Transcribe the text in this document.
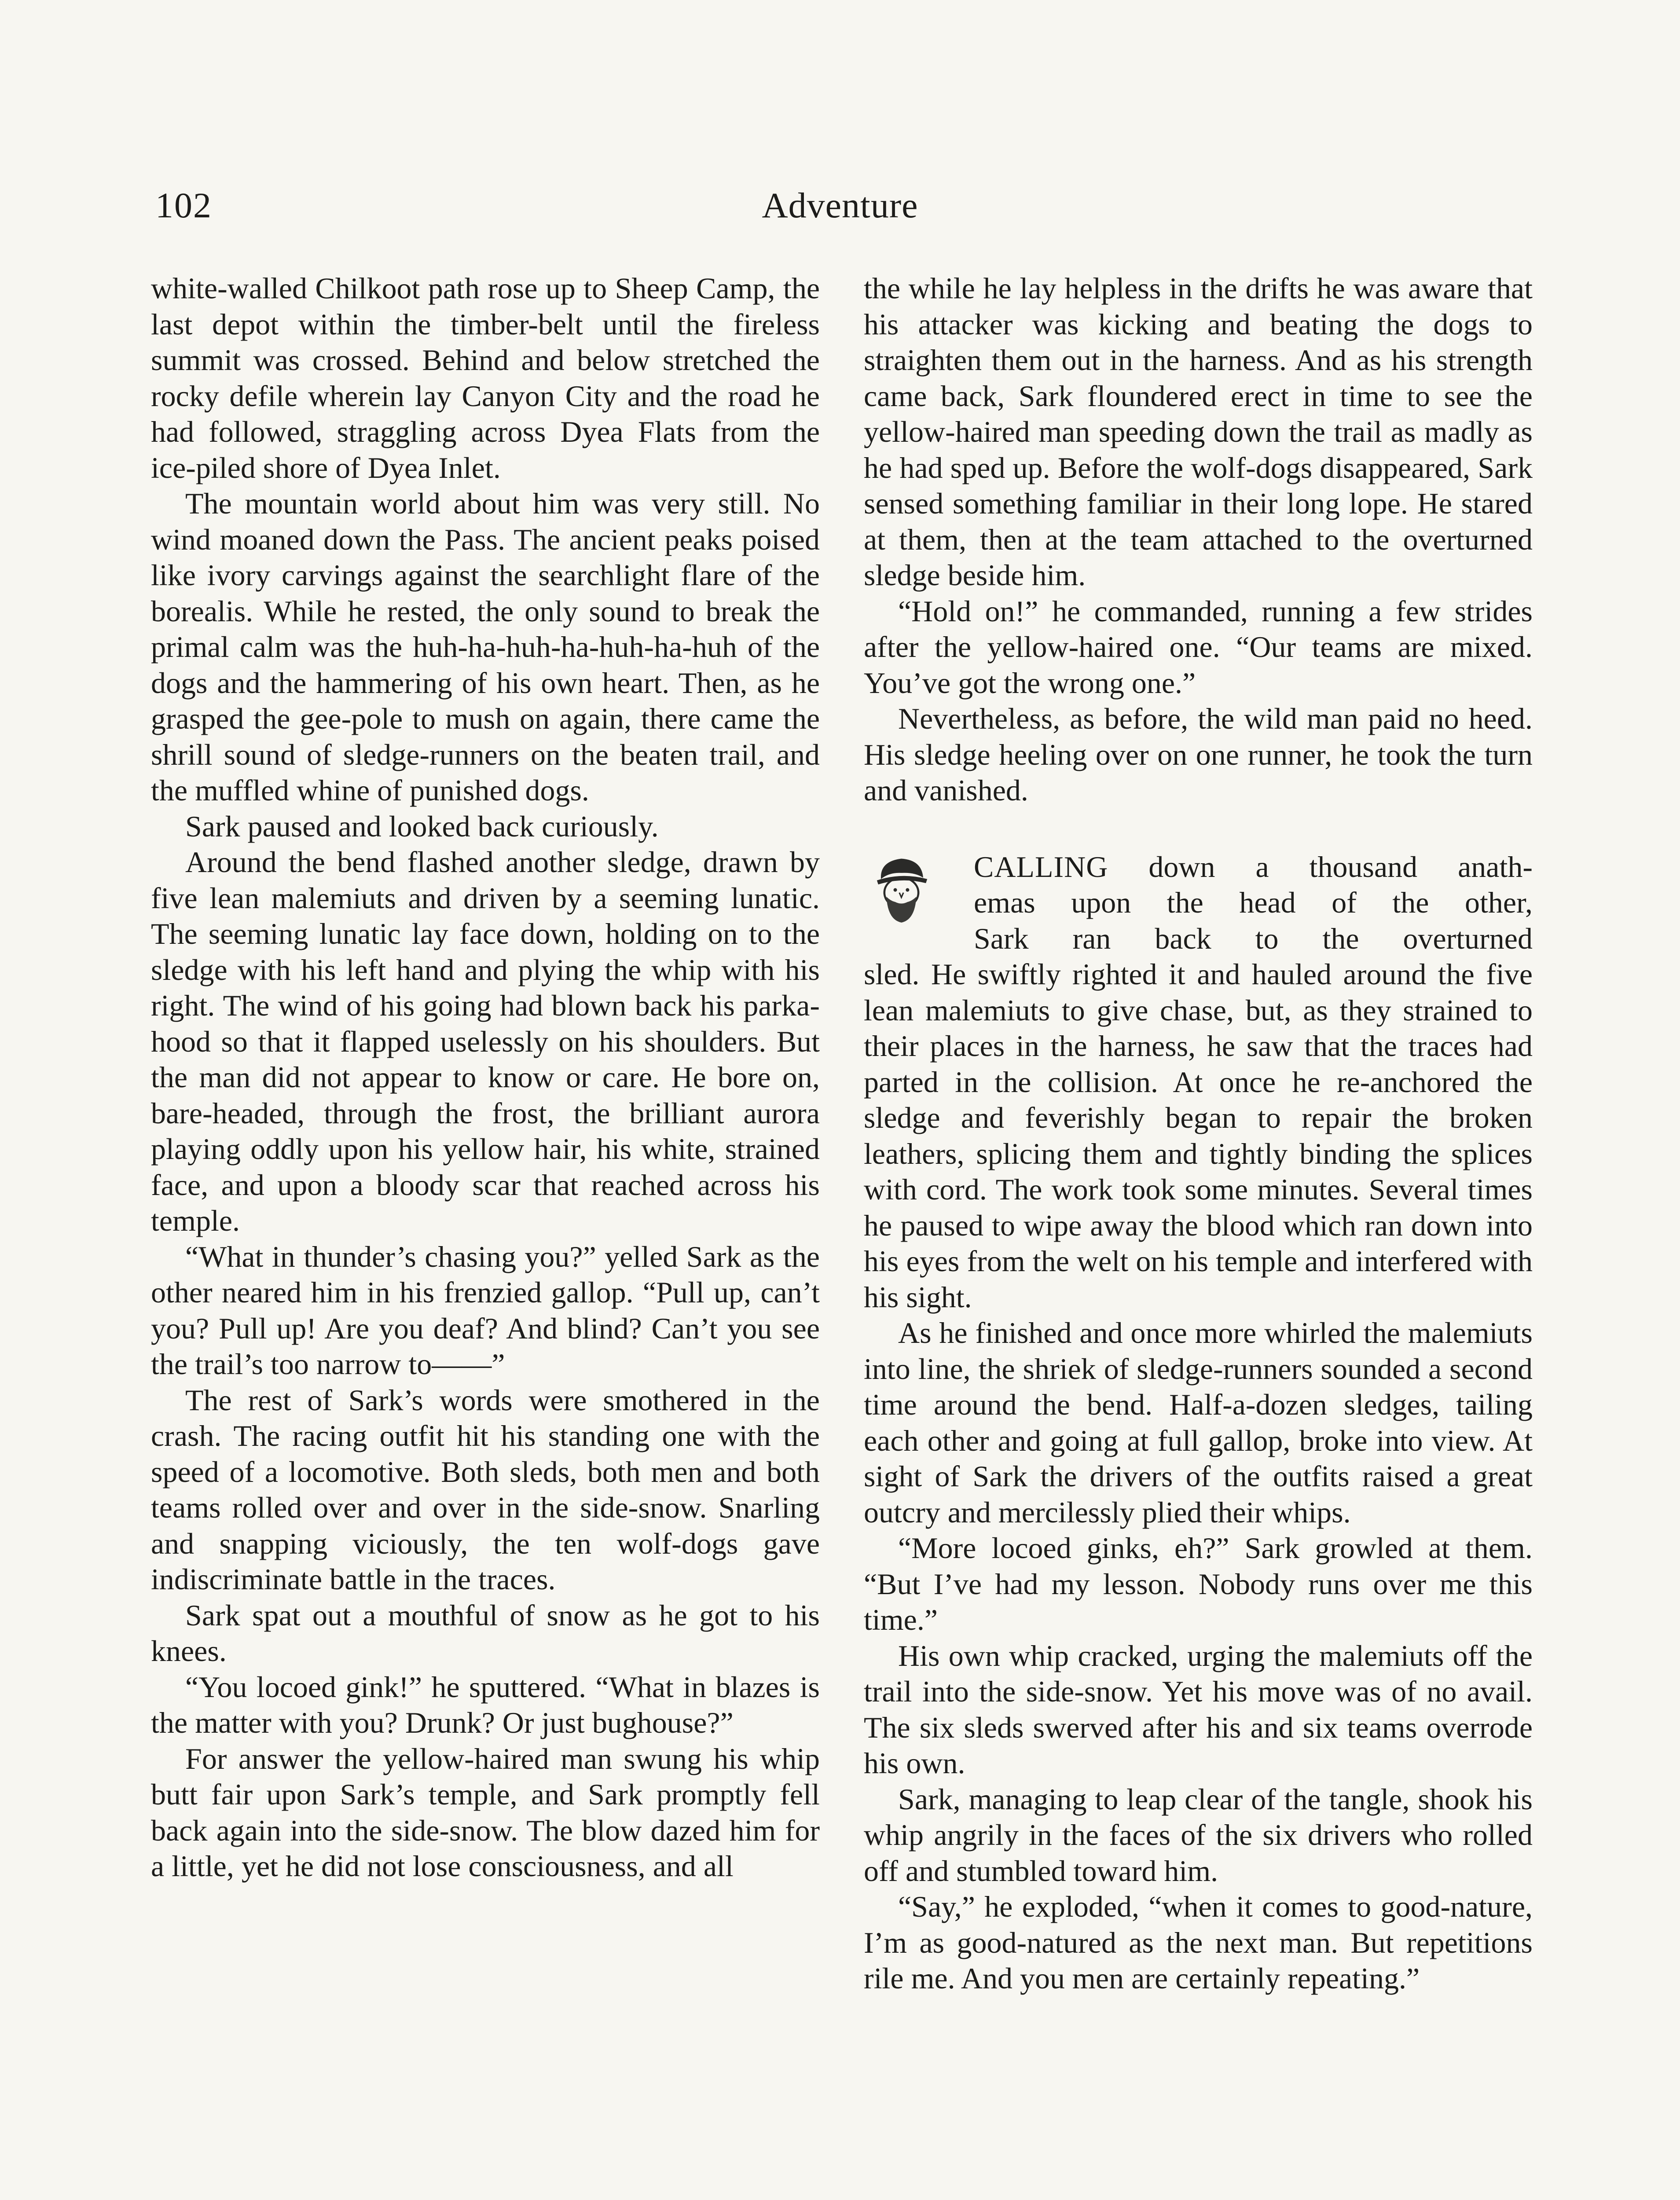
102	Adventure

white-walled Chilkoot path rose up to Sheep Camp, the last depot within the timber-belt until the fireless summit was crossed. Behind and below stretched the rocky defile wherein lay Canyon City and the road he had followed, straggling across Dyea Flats from the ice-piled shore of Dyea Inlet.

The mountain world about him was very still. No wind moaned down the Pass. The ancient peaks poised like ivory carvings against the searchlight flare of the borealis. While he rested, the only sound to break the primal calm was the huh-ha-huh-ha-huh-ha-huh of the dogs and the hammering of his own heart. Then, as he grasped the gee-pole to mush on again, there came the shrill sound of sledge-runners on the beaten trail, and the muffled whine of punished dogs.

Sark paused and looked back curiously.

Around the bend flashed another sledge, drawn by five lean malemiuts and driven by a seeming lunatic. The seeming lunatic lay face down, holding on to the sledge with his left hand and plying the whip with his right. The wind of his going had blown back his parka-hood so that it flapped uselessly on his shoulders. But the man did not appear to know or care. He bore on, bare-headed, through the frost, the brilliant aurora playing oddly upon his yellow hair, his white, strained face, and upon a bloody scar that reached across his temple.

“What in thunder’s chasing you?” yelled Sark as the other neared him in his frenzied gallop. “Pull up, can’t you? Pull up! Are you deaf? And blind? Can’t you see the trail’s too narrow to——”

The rest of Sark’s words were smothered in the crash. The racing outfit hit his standing one with the speed of a locomotive. Both sleds, both men and both teams rolled over and over in the side-snow. Snarling and snapping viciously, the ten wolf-dogs gave indiscriminate battle in the traces.

Sark spat out a mouthful of snow as he got to his knees.

“You locoed gink!” he sputtered. “What in blazes is the matter with you? Drunk? Or just bughouse?”

For answer the yellow-haired man swung his whip butt fair upon Sark’s temple, and Sark promptly fell back again into the side-snow. The blow dazed him for a little, yet he did not lose consciousness, and all

the while he lay helpless in the drifts he was aware that his attacker was kicking and beating the dogs to straighten them out in the harness. And as his strength came back, Sark floundered erect in time to see the yellow-haired man speeding down the trail as madly as he had sped up. Before the wolf-dogs disappeared, Sark sensed something familiar in their long lope. He stared at them, then at the team attached to the overturned sledge beside him.

“Hold on!” he commanded, running a few strides after the yellow-haired one. “Our teams are mixed. You’ve got the wrong one.”

Nevertheless, as before, the wild man paid no heed. His sledge heeling over on one runner, he took the turn and vanished.

CALLING down a thousand anath-
emas upon the head of the other,
Sark ran back to the overturned
sled. He swiftly righted it and hauled around the five lean malemiuts to give chase, but, as they strained to their places in the harness, he saw that the traces had parted in the collision. At once he re-anchored the sledge and feverishly began to repair the broken leathers, splicing them and tightly binding the splices with cord. The work took some minutes. Several times he paused to wipe away the blood which ran down into his eyes from the welt on his temple and interfered with his sight.

As he finished and once more whirled the malemiuts into line, the shriek of sledge-runners sounded a second time around the bend. Half-a-dozen sledges, tailing each other and going at full gallop, broke into view. At sight of Sark the drivers of the outfits raised a great outcry and mercilessly plied their whips.

“More locoed ginks, eh?” Sark growled at them. “But I’ve had my lesson. Nobody runs over me this time.”

His own whip cracked, urging the malemiuts off the trail into the side-snow. Yet his move was of no avail. The six sleds swerved after his and six teams overrode his own.

Sark, managing to leap clear of the tangle, shook his whip angrily in the faces of the six drivers who rolled off and stumbled toward him.

“Say,” he exploded, “when it comes to good-nature, I’m as good-natured as the next man. But repetitions rile me. And you men are certainly repeating.”
